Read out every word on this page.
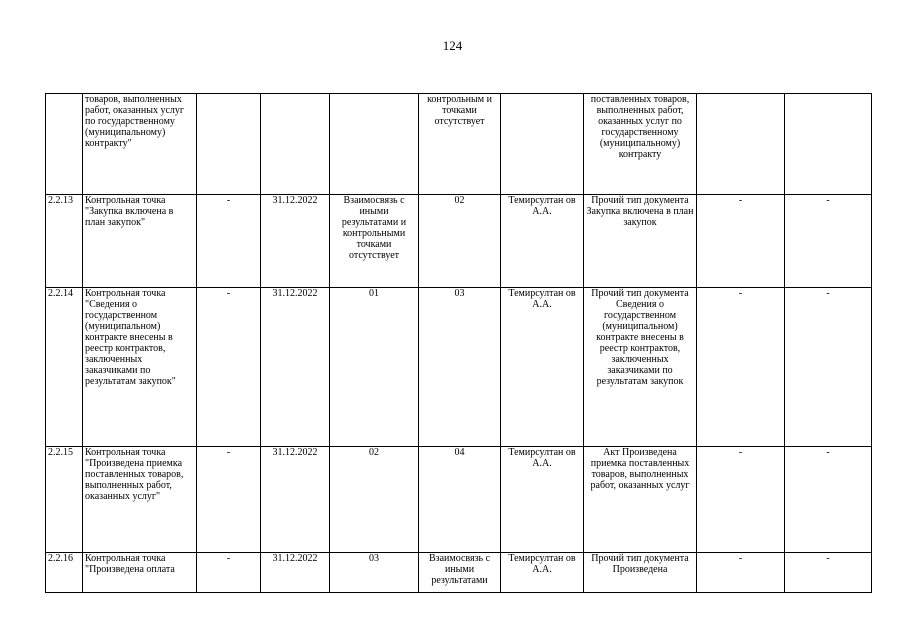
124
	товаров, выполненных работ, оказанных услуг по государственному (муниципальному) контракту"				контрольным и точками отсутствует		поставленных товаров, выполненных работ, оказанных услуг по государственному (муниципальному) контракту		
2.2.13	Контрольная точка "Закупка включена в план закупок"	-	31.12.2022	Взаимосвязь с иными результатами и контрольными точками отсутствует	02	Темирсултан ов А.А.	Прочий тип документа Закупка включена в план закупок	-	-
2.2.14	Контрольная точка "Сведения о государственном (муниципальном) контракте внесены в реестр контрактов, заключенных заказчиками по результатам закупок"	-	31.12.2022	01	03	Темирсултан ов А.А.	Прочий тип документа Сведения о государственном (муниципальном) контракте внесены в реестр контрактов, заключенных заказчиками по результатам закупок	-	-
2.2.15	Контрольная точка "Произведена приемка поставленных товаров, выполненных работ, оказанных услуг"	-	31.12.2022	02	04	Темирсултан ов А.А.	Акт Произведена приемка поставленных товаров, выполненных работ, оказанных услуг	-	-
2.2.16	Контрольная точка "Произведена оплата	-	31.12.2022	03	Взаимосвязь с иными результатами	Темирсултан ов А.А.	Прочий тип документа Произведена	-	-
